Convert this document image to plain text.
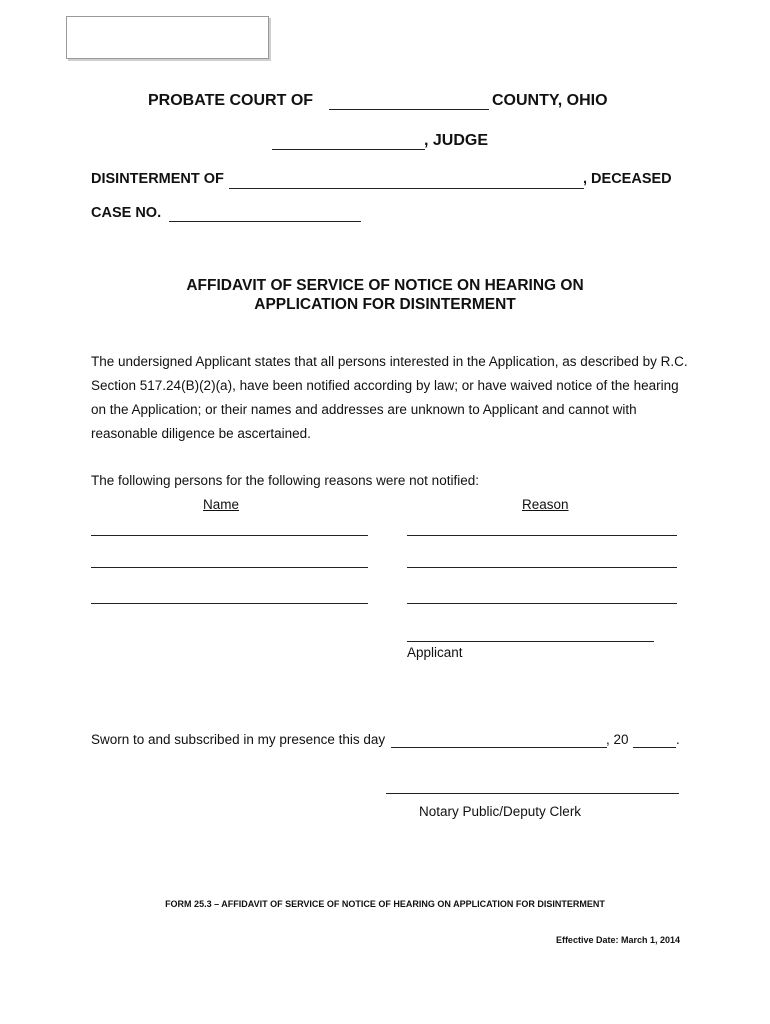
PROBATE COURT OF	COUNTY, OHIO
, JUDGE
DISINTERMENT OF	, DECEASED
CASE NO.
AFFIDAVIT OF SERVICE OF NOTICE ON HEARING ON
APPLICATION FOR DISINTERMENT
The undersigned Applicant states that all persons interested in the Application, as described by R.C. Section 517.24(B)(2)(a), have been notified according by law; or have waived notice of the hearing on the Application; or their names and addresses are unknown to Applicant and cannot with reasonable diligence be ascertained.
The following persons for the following reasons were not notified:
Name	Reason
Applicant
Sworn to and subscribed in my presence this day	, 20	.
Notary Public/Deputy Clerk
FORM 25.3 – AFFIDAVIT OF SERVICE OF NOTICE OF HEARING ON APPLICATION FOR DISINTERMENT
Effective Date: March 1, 2014
